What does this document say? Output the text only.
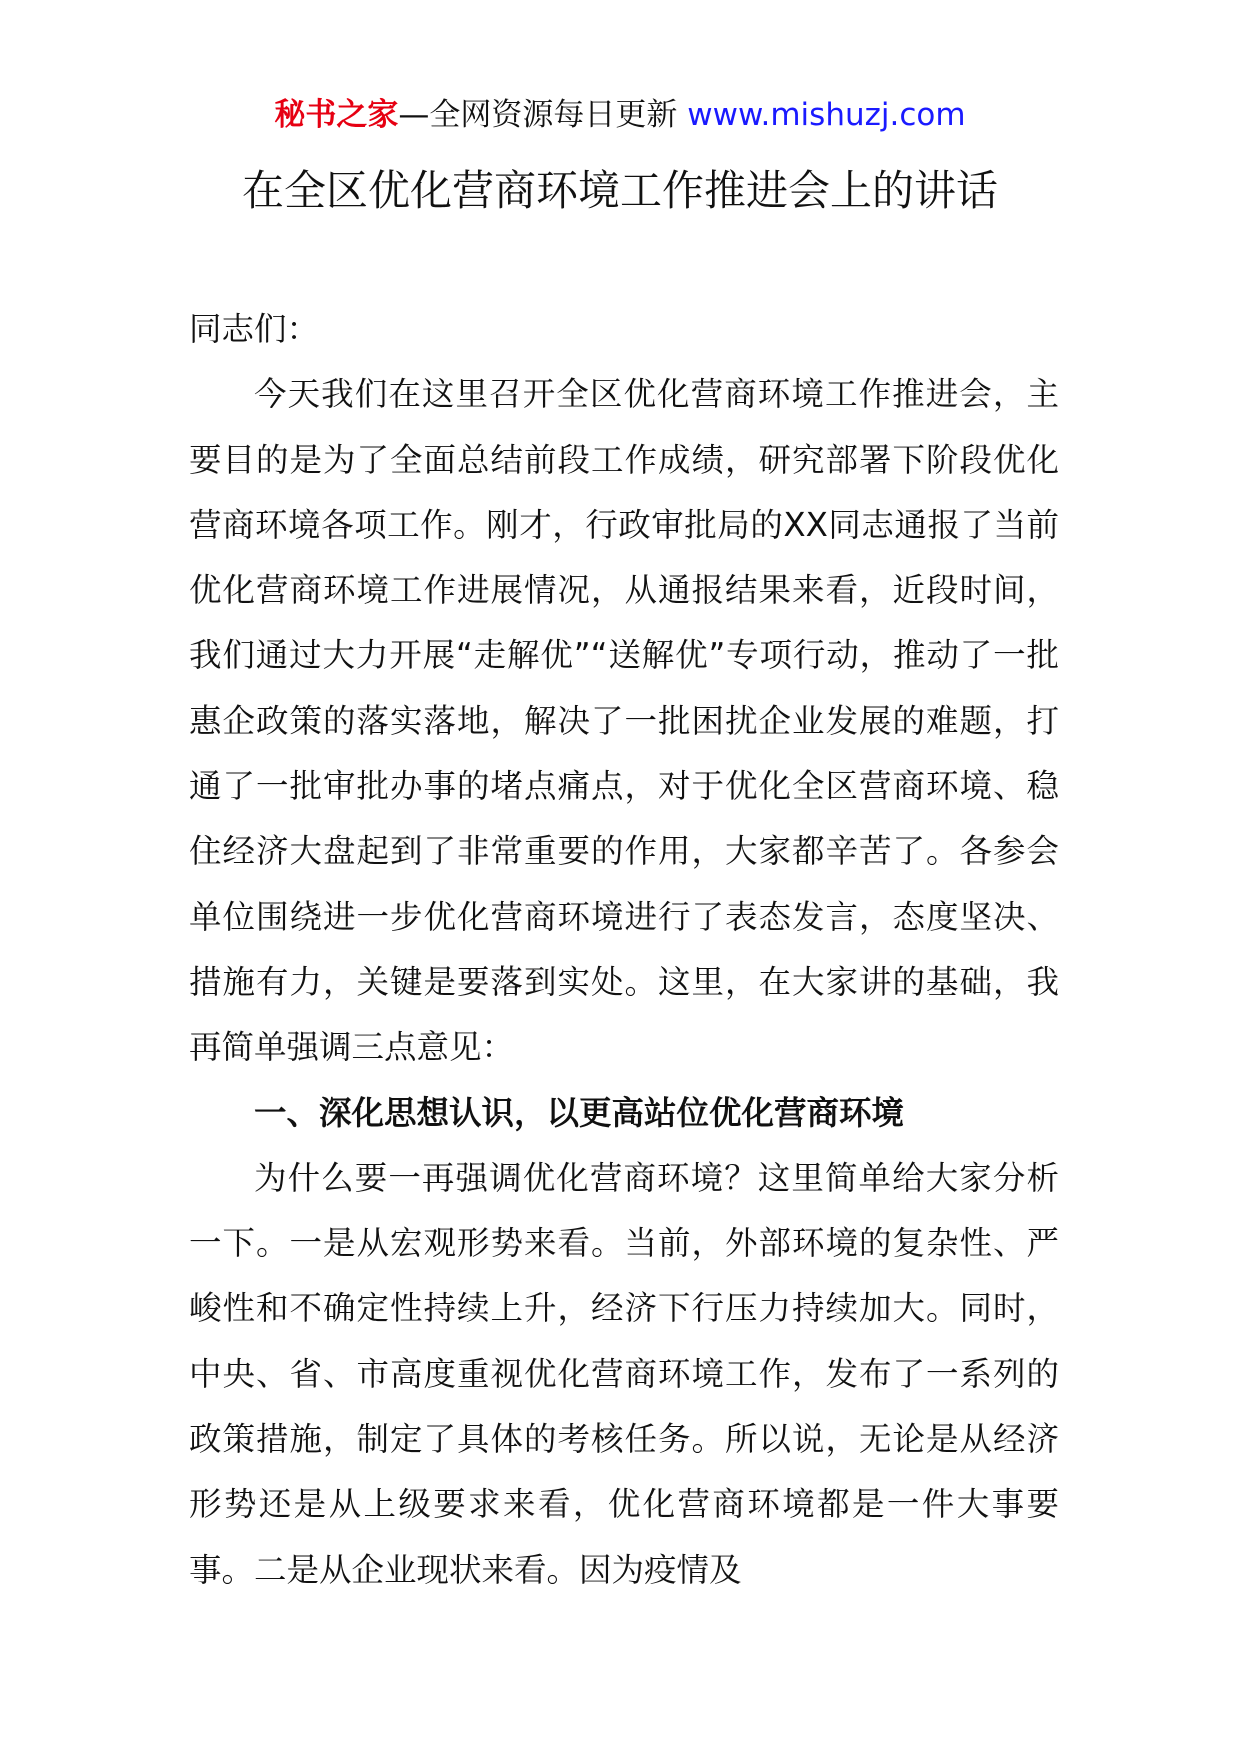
秘书之家—全网资源每日更新 www.mishuzj.com
在全区优化营商环境工作推进会上的讲话

同志们：

今天我们在这里召开全区优化营商环境工作推进会，主要目的是为了全面总结前段工作成绩，研究部署下阶段优化营商环境各项工作。刚才，行政审批局的XX同志通报了当前优化营商环境工作进展情况，从通报结果来看，近段时间，我们通过大力开展“走解优”“送解优”专项行动，推动了一批惠企政策的落实落地，解决了一批困扰企业发展的难题，打通了一批审批办事的堵点痛点，对于优化全区营商环境、稳住经济大盘起到了非常重要的作用，大家都辛苦了。各参会单位围绕进一步优化营商环境进行了表态发言，态度坚决、措施有力，关键是要落到实处。这里，在大家讲的基础，我再简单强调三点意见：

一、深化思想认识，以更高站位优化营商环境

为什么要一再强调优化营商环境？这里简单给大家分析一下。一是从宏观形势来看。当前，外部环境的复杂性、严峻性和不确定性持续上升，经济下行压力持续加大。同时，中央、省、市高度重视优化营商环境工作，发布了一系列的政策措施，制定了具体的考核任务。所以说，无论是从经济形势还是从上级要求来看，优化营商环境都是一件大事要事。二是从企业现状来看。因为疫情及
